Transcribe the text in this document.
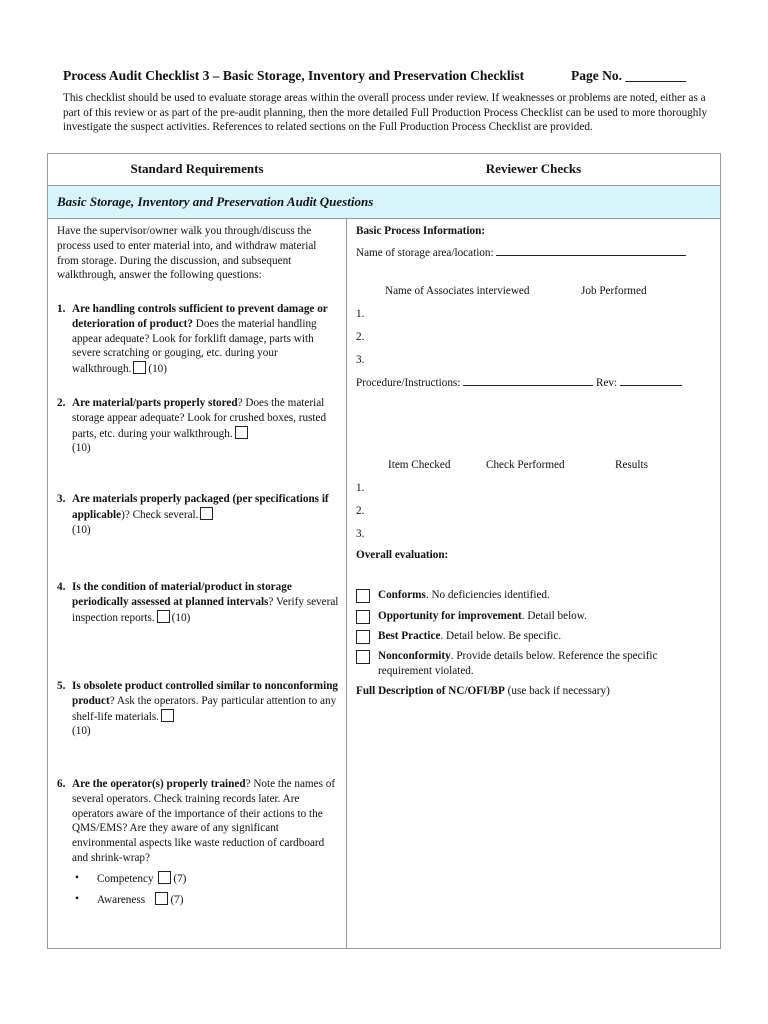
Process Audit Checklist 3 – Basic Storage, Inventory and Preservation Checklist	Page No. _________
This checklist should be used to evaluate storage areas within the overall process under review. If weaknesses or problems are noted, either as a part of this review or as part of the pre-audit planning, then the more detailed Full Production Process Checklist can be used to more thoroughly investigate the suspect activities. References to related sections on the Full Production Process Checklist are provided.
Standard Requirements	Reviewer Checks
Basic Storage, Inventory and Preservation Audit Questions
Have the supervisor/owner walk you through/discuss the process used to enter material into, and withdraw material from storage. During the discussion, and subsequent walkthrough, answer the following questions:
1. Are handling controls sufficient to prevent damage or deterioration of product? Does the material handling appear adequate? Look for forklift damage, parts with severe scratching or gouging, etc. during your walkthrough. (10)
2. Are material/parts properly stored? Does the material storage appear adequate? Look for crushed boxes, rusted parts, etc. during your walkthrough.
(10)
3. Are materials properly packaged (per specifications if applicable)? Check several.
(10)
4. Is the condition of material/product in storage periodically assessed at planned intervals? Verify several inspection reports. (10)
5. Is obsolete product controlled similar to nonconforming product? Ask the operators. Pay particular attention to any shelf-life materials.
(10)
6. Are the operator(s) properly trained? Note the names of several operators. Check training records later. Are operators aware of the importance of their actions to the QMS/EMS? Are they aware of any significant environmental aspects like waste reduction of cardboard and shrink-wrap?
• Competency (7)
• Awareness (7)
Basic Process Information:
Name of storage area/location:
Name of Associates interviewed	Job Performed
1.
2.
3.
Procedure/Instructions:	Rev:
Item Checked	Check Performed	Results
1.
2.
3.
Overall evaluation:
Conforms. No deficiencies identified.
Opportunity for improvement. Detail below.
Best Practice. Detail below. Be specific.
Nonconformity. Provide details below. Reference the specific requirement violated.
Full Description of NC/OFI/BP (use back if necessary)
